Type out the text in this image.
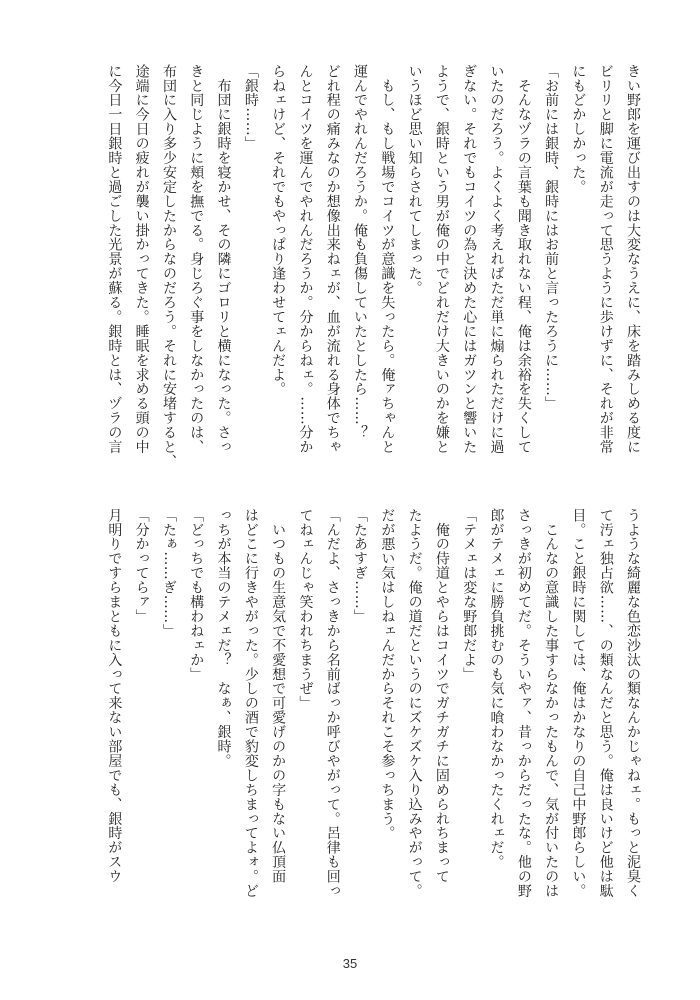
きい野郎を運び出すのは大変なうえに、床を踏みしめる度に
ビリリと脚に電流が走って思うように歩けずに、それが非常
にもどかしかった。
「お前には銀時、銀時にはお前と言ったろうに……」
　そんなヅラの言葉も聞き取れない程、俺は余裕を失くして
いたのだろう。よくよく考えればただ単に煽られただけに過
ぎない。それでもコイツの為と決めた心にはガツンと響いた
ようで、銀時という男が俺の中でどれだけ大きいのかを嫌と
いうほど思い知らされてしまった。
　もし、もし戦場でコイツが意識を失ったら。俺ァちゃんと
運んでやれんだろうか。俺も負傷していたとしたら……？
どれ程の痛みなのか想像出来ねェが、血が流れる身体でちゃ
んとコイツを運んでやれんだろうか。分からねェ。……分か
らねェけど、それでもやっぱり逢わせてェんだよ。
「銀時……」
　布団に銀時を寝かせ、その隣にゴロリと横になった。さっ
きと同じように頬を撫でる。身じろぐ事をしなかったのは、
布団に入り多少安定したからなのだろう。それに安堵すると、
途端に今日の疲れが襲い掛かってきた。睡眠を求める頭の中
に今日一日銀時と過ごした光景が蘇る。銀時とは、ヅラの言
うような綺麗な色恋沙汰の類なんかじゃねェ。もっと泥臭く
て汚ェ独占欲……、の類なんだと思う。俺は良いけど他は駄
目。こと銀時に関しては、俺はかなりの自己中野郎らしい。
　こんなの意識した事すらなかったもんで、気が付いたのは
さっきが初めてだ。そういやァ、昔っからだったな。他の野
郎がテメェに勝負挑むのも気に喰わなかったくれェだ。
「テメェは変な野郎だよ」
　俺の侍道とやらはコイツでガチガチに固められちまって
たようだ。俺の道だというのにズケズケ入り込みやがって。
だが悪い気はしねェんだからそれこそ参っちまう。
「たあすぎ……」
「んだよ、さっきから名前ばっか呼びやがって。呂律も回っ
てねェんじゃ笑われちまうぜ」
　いつもの生意気で不愛想で可愛げのかの字もない仏頂面
はどこに行きやがった。少しの酒で豹変しちまってよォ。ど
っちが本当のテメェだ？　なぁ、銀時。
「どっちでも構わねェか」
「たぁ……ぎ……」
「分かってらァ」
月明りですらまともに入って来ない部屋でも、銀時がスウ
35
